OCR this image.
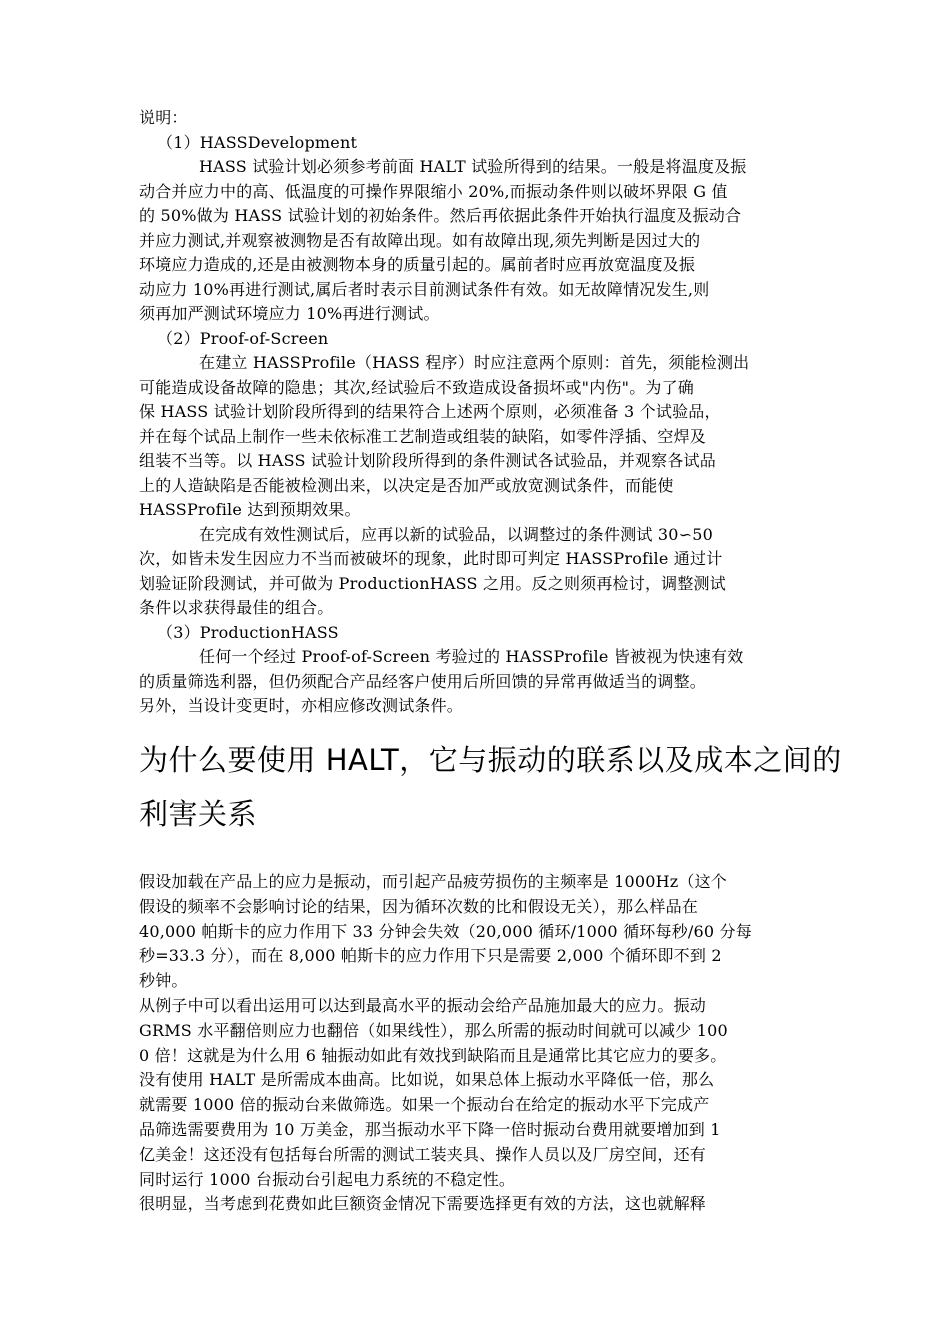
说明：
（1）HASSDevelopment
HASS 试验计划必须参考前面 HALT 试验所得到的结果。一般是将温度及振
动合并应力中的高、低温度的可操作界限缩小 20%,而振动条件则以破坏界限 G 值
的 50%做为 HASS 试验计划的初始条件。然后再依据此条件开始执行温度及振动合
并应力测试,并观察被测物是否有故障出现。如有故障出现,须先判断是因过大的
环境应力造成的,还是由被测物本身的质量引起的。属前者时应再放宽温度及振
动应力 10%再进行测试,属后者时表示目前测试条件有效。如无故障情况发生,则
须再加严测试环境应力 10%再进行测试。
（2）Proof-of-Screen
在建立 HASSProfile（HASS 程序）时应注意两个原则：首先，须能检测出
可能造成设备故障的隐患；其次,经试验后不致造成设备损坏或"内伤"。为了确
保 HASS 试验计划阶段所得到的结果符合上述两个原则，必须准备 3 个试验品，
并在每个试品上制作一些未依标准工艺制造或组装的缺陷，如零件浮插、空焊及
组装不当等。以 HASS 试验计划阶段所得到的条件测试各试验品，并观察各试品
上的人造缺陷是否能被检测出来，以决定是否加严或放宽测试条件，而能使
HASSProfile 达到预期效果。
在完成有效性测试后，应再以新的试验品，以调整过的条件测试 30∽50
次，如皆未发生因应力不当而被破坏的现象，此时即可判定 HASSProfile 通过计
划验证阶段测试，并可做为 ProductionHASS 之用。反之则须再检讨，调整测试
条件以求获得最佳的组合。
（3）ProductionHASS
任何一个经过 Proof-of-Screen 考验过的 HASSProfile 皆被视为快速有效
的质量筛选利器，但仍须配合产品经客户使用后所回馈的异常再做适当的调整。
另外，当设计变更时，亦相应修改测试条件。
为什么要使用 HALT，它与振动的联系以及成本之间的
利害关系
假设加载在产品上的应力是振动，而引起产品疲劳损伤的主频率是 1000Hz（这个
假设的频率不会影响讨论的结果，因为循环次数的比和假设无关），那么样品在
40,000 帕斯卡的应力作用下 33 分钟会失效（20,000 循环/1000 循环每秒/60 分每
秒=33.3 分），而在 8,000 帕斯卡的应力作用下只是需要 2,000 个循环即不到 2
秒钟。
从例子中可以看出运用可以达到最高水平的振动会给产品施加最大的应力。振动
GRMS 水平翻倍则应力也翻倍（如果线性），那么所需的振动时间就可以减少 100
0 倍！这就是为什么用 6 轴振动如此有效找到缺陷而且是通常比其它应力的要多。
没有使用 HALT 是所需成本曲高。比如说，如果总体上振动水平降低一倍，那么
就需要 1000 倍的振动台来做筛选。如果一个振动台在给定的振动水平下完成产
品筛选需要费用为 10 万美金，那当振动水平下降一倍时振动台费用就要增加到 1
亿美金！这还没有包括每台所需的测试工装夹具、操作人员以及厂房空间，还有
同时运行 1000 台振动台引起电力系统的不稳定性。
很明显，当考虑到花费如此巨额资金情况下需要选择更有效的方法，这也就解释
